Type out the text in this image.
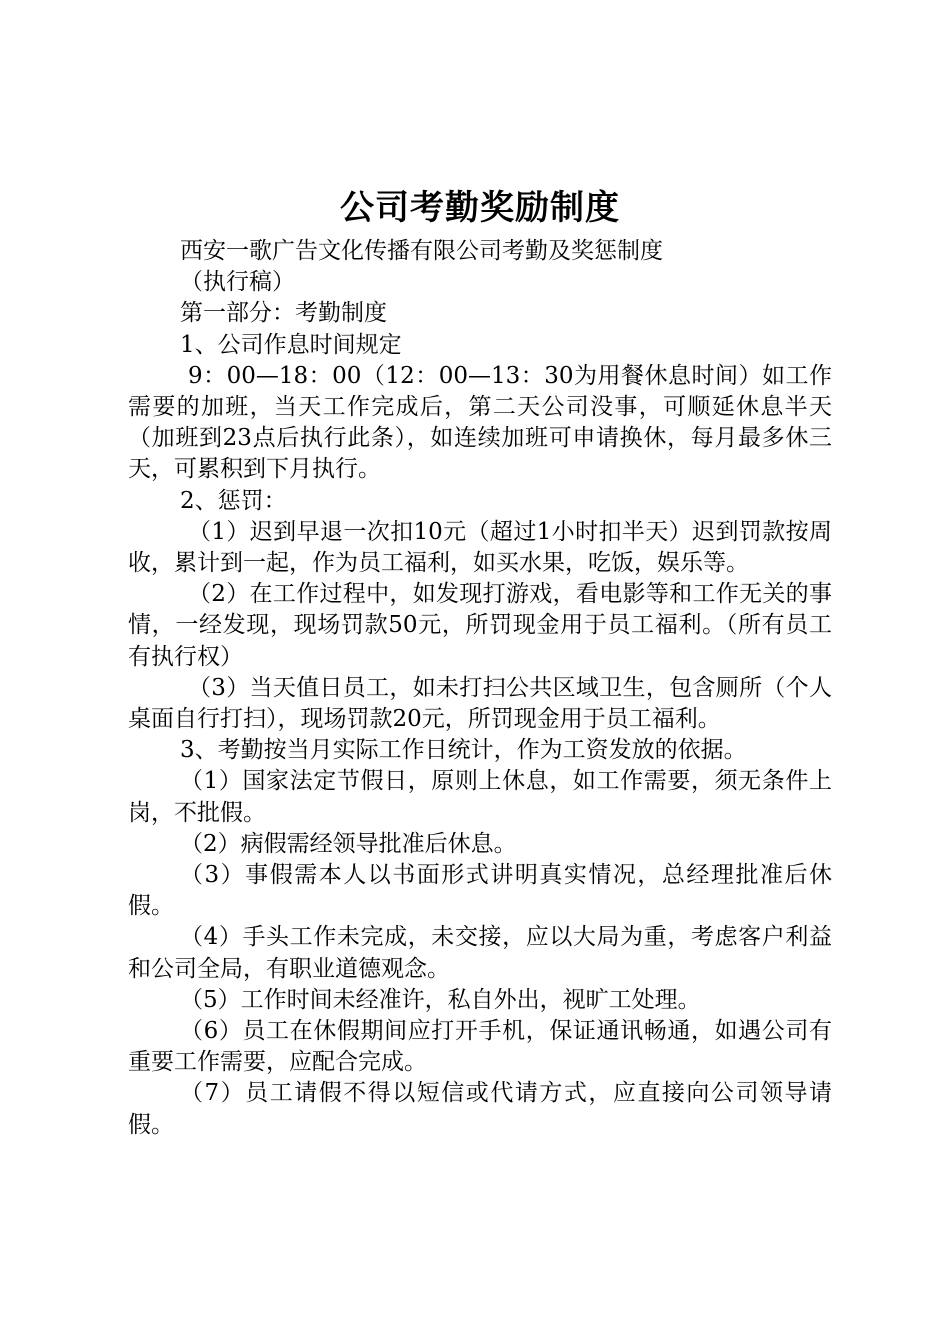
公司考勤奖励制度

西安一歌广告文化传播有限公司考勤及奖惩制度

（执行稿）

第一部分：考勤制度

1、公司作息时间规定

9：00—18：00（12：00—13：30为用餐休息时间）如工作需要的加班，当天工作完成后，第二天公司没事，可顺延休息半天（加班到23点后执行此条），如连续加班可申请换休，每月最多休三天，可累积到下月执行。

2、惩罚：

（1）迟到早退一次扣10元（超过1小时扣半天）迟到罚款按周收，累计到一起，作为员工福利，如买水果，吃饭，娱乐等。

（2）在工作过程中，如发现打游戏，看电影等和工作无关的事情，一经发现，现场罚款50元，所罚现金用于员工福利。（所有员工有执行权）

（3）当天值日员工，如未打扫公共区域卫生，包含厕所（个人桌面自行打扫），现场罚款20元，所罚现金用于员工福利。

3、考勤按当月实际工作日统计，作为工资发放的依据。

（1）国家法定节假日，原则上休息，如工作需要，须无条件上岗，不批假。

（2）病假需经领导批准后休息。

（3）事假需本人以书面形式讲明真实情况，总经理批准后休假。

（4）手头工作未完成，未交接，应以大局为重，考虑客户利益和公司全局，有职业道德观念。

（5）工作时间未经准许，私自外出，视旷工处理。

（6）员工在休假期间应打开手机，保证通讯畅通，如遇公司有重要工作需要，应配合完成。

（7）员工请假不得以短信或代请方式，应直接向公司领导请假。
